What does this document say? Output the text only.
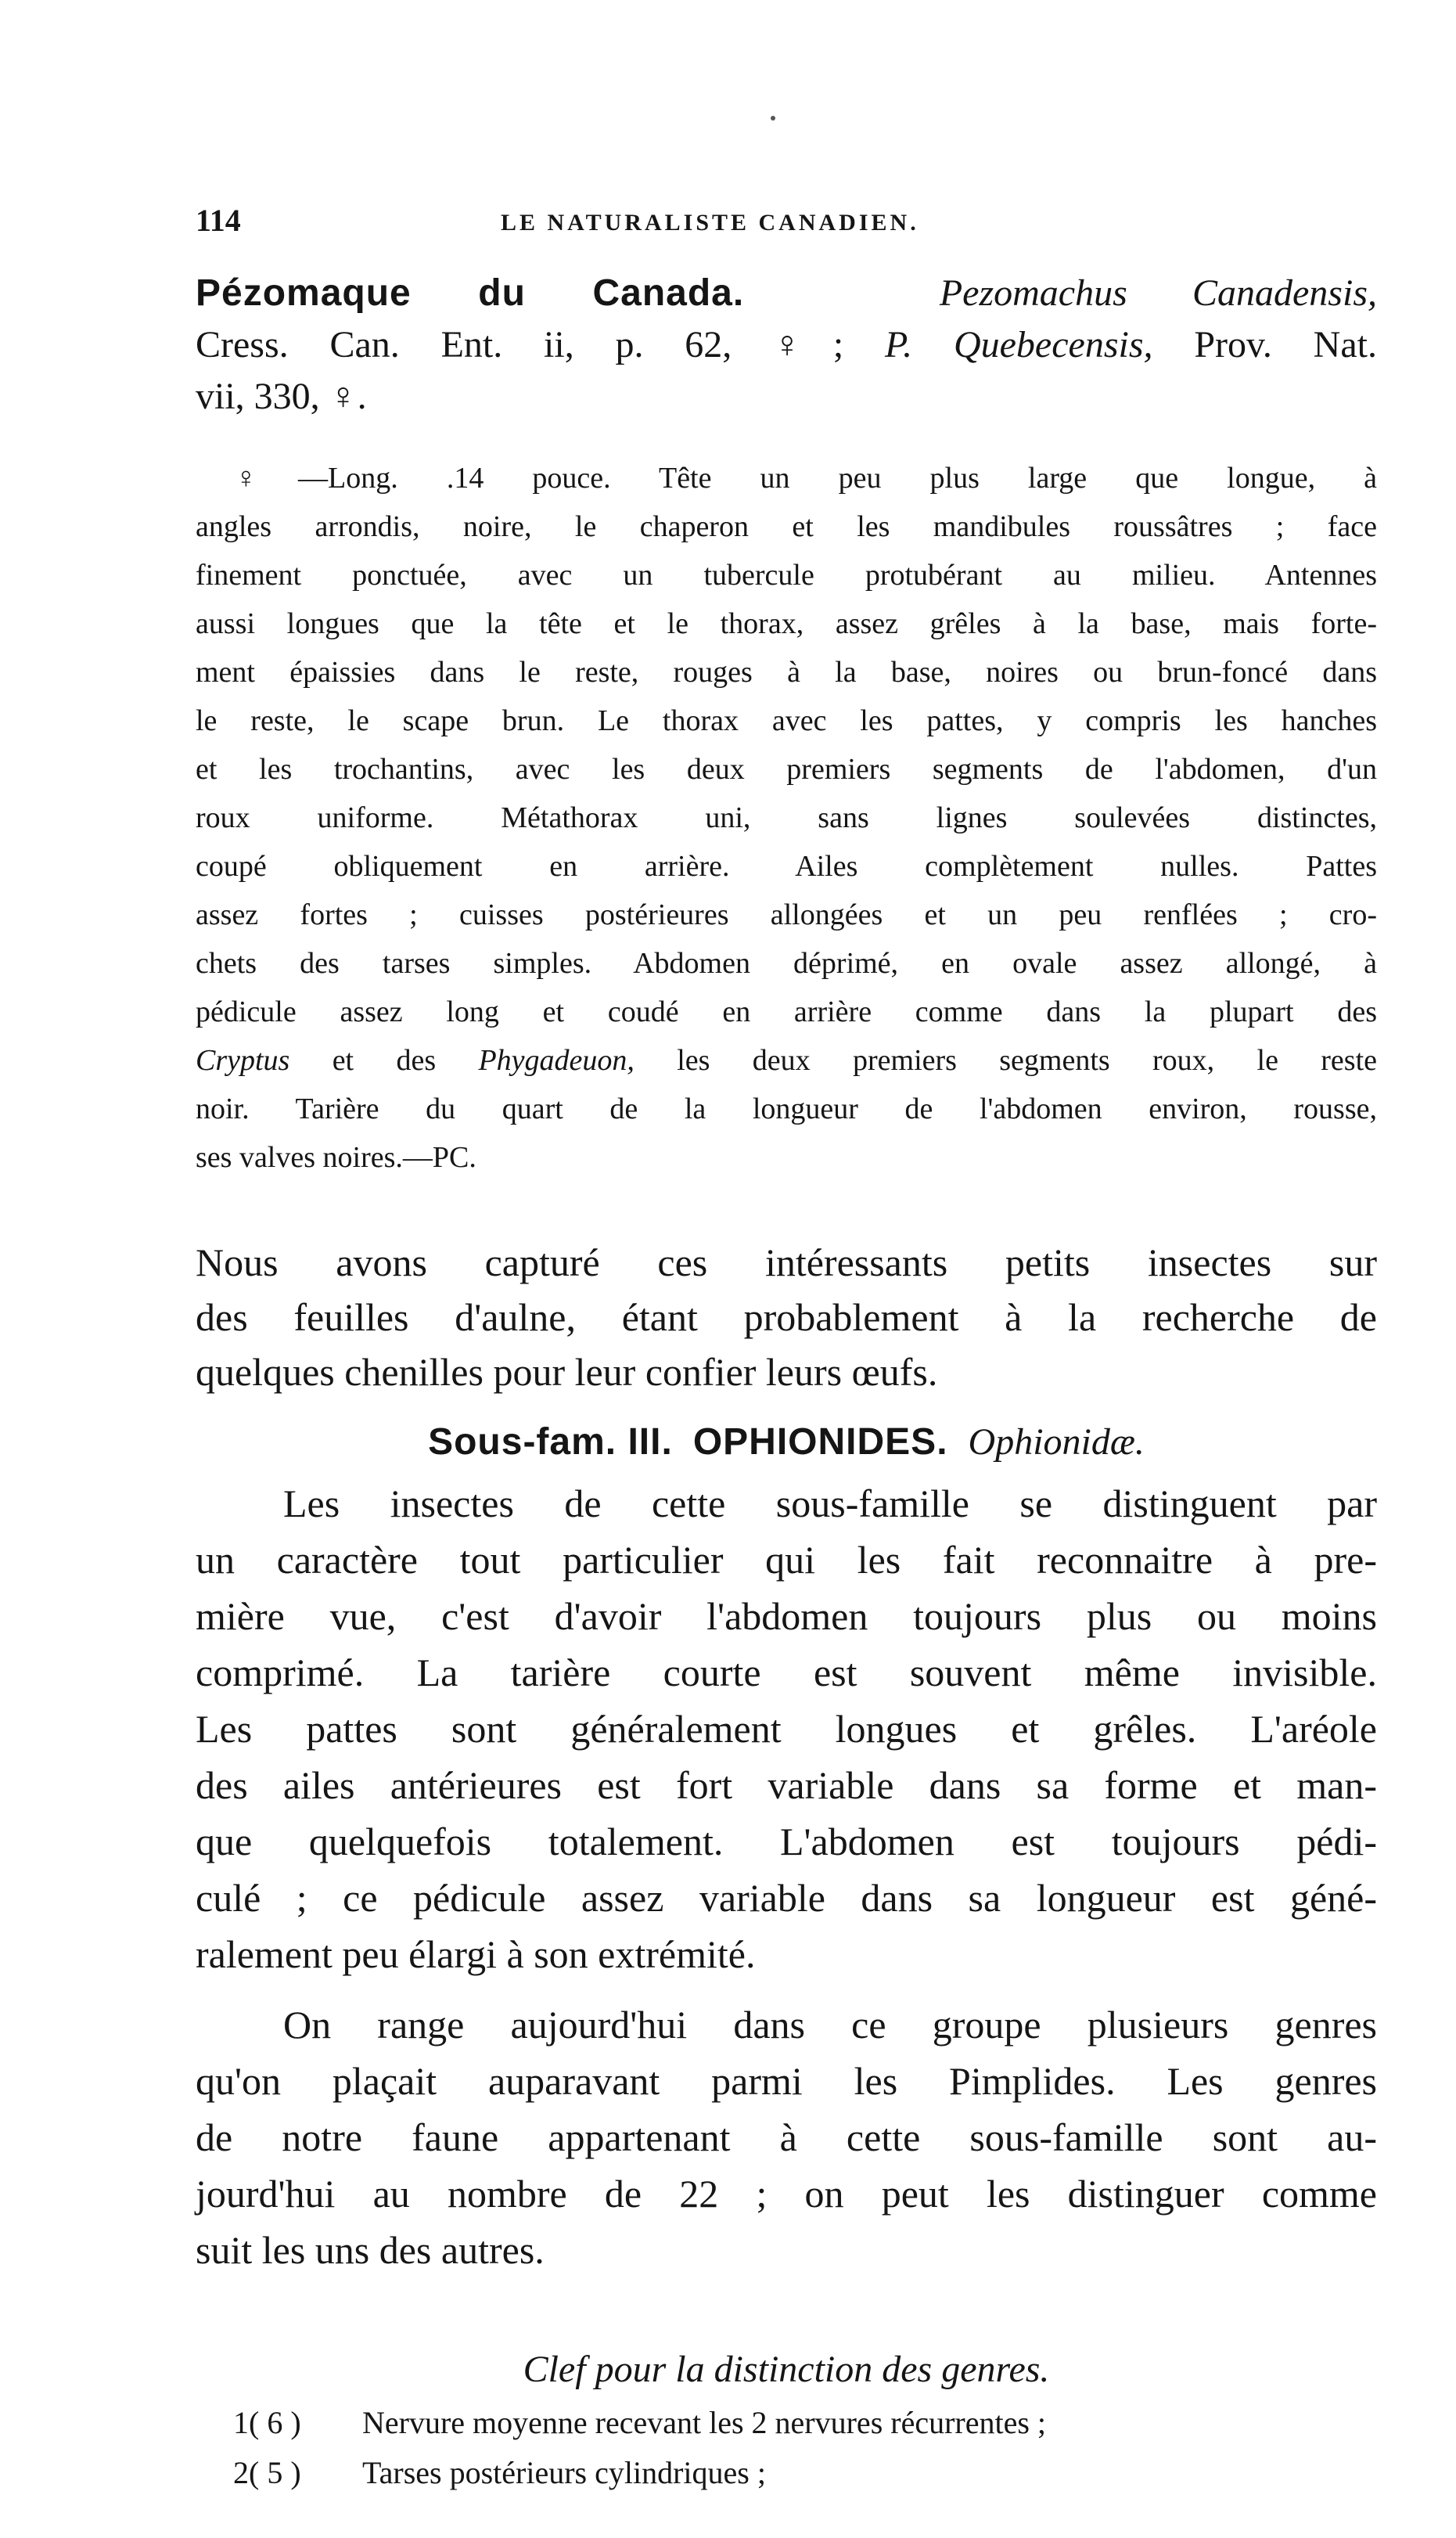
114	LE NATURALISTE CANADIEN.
Pézomaque du Canada.	Pezomachus Canadensis,
Cress. Can. Ent. ii, p. 62, ♀; P. Quebecensis, Prov. Nat.
vii, 330, ♀.
♀—Long. .14 pouce. Tête un peu plus large que longue, à
angles arrondis, noire, le chaperon et les mandibules roussâtres ; face
finement ponctuée, avec un tubercule protubérant au milieu. Antennes
aussi longues que la tête et le thorax, assez grêles à la base, mais forte-
ment épaissies dans le reste, rouges à la base, noires ou brun-foncé dans
le reste, le scape brun. Le thorax avec les pattes, y compris les hanches
et les trochantins, avec les deux premiers segments de l'abdomen, d'un
roux uniforme. Métathorax uni, sans lignes soulevées distinctes,
coupé obliquement en arrière. Ailes complètement nulles. Pattes
assez fortes ; cuisses postérieures allongées et un peu renflées ; cro-
chets des tarses simples. Abdomen déprimé, en ovale assez allongé, à
pédicule assez long et coudé en arrière comme dans la plupart des
Cryptus et des Phygadeuon, les deux premiers segments roux, le reste
noir. Tarière du quart de la longueur de l'abdomen environ, rousse,
ses valves noires.—PC.
Nous avons capturé ces intéressants petits insectes sur
des feuilles d'aulne, étant probablement à la recherche de
quelques chenilles pour leur confier leurs œufs.
Sous-fam. III. OPHIONIDES. Ophionidæ.
Les insectes de cette sous-famille se distinguent par
un caractère tout particulier qui les fait reconnaitre à pre-
mière vue, c'est d'avoir l'abdomen toujours plus ou moins
comprimé. La tarière courte est souvent même invisible.
Les pattes sont généralement longues et grêles. L'aréole
des ailes antérieures est fort variable dans sa forme et man-
que quelquefois totalement. L'abdomen est toujours pédi-
culé ; ce pédicule assez variable dans sa longueur est géné-
ralement peu élargi à son extrémité.
On range aujourd'hui dans ce groupe plusieurs genres
qu'on plaçait auparavant parmi les Pimplides. Les genres
de notre faune appartenant à cette sous-famille sont au-
jourd'hui au nombre de 22 ; on peut les distinguer comme
suit les uns des autres.
Clef pour la distinction des genres.
1( 6 ) Nervure moyenne recevant les 2 nervures récurrentes ;
2( 5 ) Tarses postérieurs cylindriques ;
